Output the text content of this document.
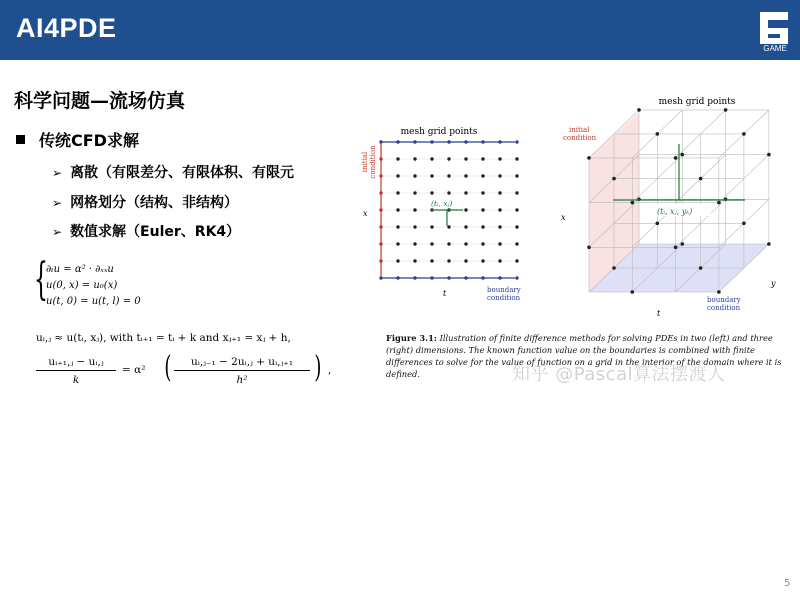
AI4PDE
GAME
科学问题—流场仿真
传统CFD求解
➢ 离散（有限差分、有限体积、有限元
➢ 网格划分（结构、非结构）
➢ 数值求解（Euler、RK4）
{
∂ₜu = α² · ∂ₓₓu
u(0, x) = u₀(x)
u(t, 0) = u(t, l) = 0
uᵢ,ⱼ ≈ u(tᵢ, xⱼ), with tᵢ₊₁ = tᵢ + k and xⱼ₊₁ = xⱼ + h,
uᵢ₊₁,ⱼ − uᵢ,ⱼ
k
= α² (	uᵢ,ⱼ₋₁ − 2uᵢ,ⱼ + uᵢ,ⱼ₊₁
h²	) ,
mesh grid points
initial condition
x
(tᵢ, xⱼ)
t	boundary
condition
mesh grid points
initial
condition
x
(tᵢ, xⱼ, yₖ)
t
y
boundary
condition
Figure 3.1: Illustration of finite difference methods for solving PDEs in two (left) and three (right) dimensions. The known function value on the boundaries is combined with finite differences to solve for the value of function on a grid in the interior of the domain where it is defined.	知乎 @Pascal算法摆渡人
5
